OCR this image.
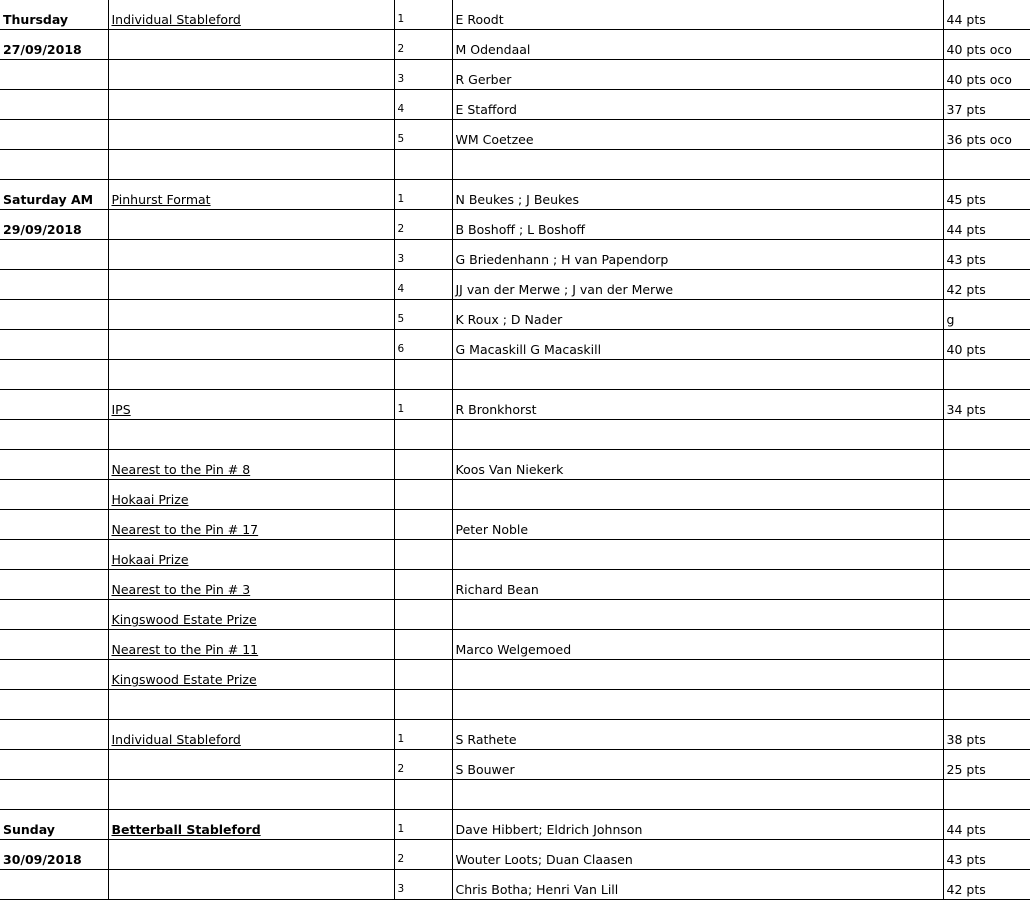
Thursday	Individual Stableford	1	E Roodt	44 pts
27/09/2018		2	M Odendaal	40 pts oco
		3	R Gerber	40 pts oco
		4	E Stafford	37 pts
		5	WM Coetzee	36 pts oco

Saturday AM	Pinhurst Format	1	N Beukes ; J Beukes	45 pts
29/09/2018		2	B Boshoff ; L Boshoff	44 pts
		3	G Briedenhann ; H van Papendorp	43 pts
		4	JJ van der Merwe ; J van der Merwe	42 pts
		5	K Roux ; D Nader	g
		6	G Macaskill G Macaskill	40 pts

	IPS	1	R Bronkhorst	34 pts

	Nearest to the Pin # 8		Koos Van Niekerk	
	Hokaai Prize			
	Nearest to the Pin # 17		Peter Noble	
	Hokaai Prize			
	Nearest to the Pin # 3		Richard Bean	
	Kingswood Estate Prize			
	Nearest to the Pin # 11		Marco Welgemoed	
	Kingswood Estate Prize			

	Individual Stableford	1	S Rathete	38 pts
		2	S Bouwer	25 pts

Sunday	Betterball Stableford	1	Dave Hibbert; Eldrich Johnson	44 pts
30/09/2018		2	Wouter Loots; Duan Claasen	43 pts
		3	Chris Botha; Henri Van Lill	42 pts
